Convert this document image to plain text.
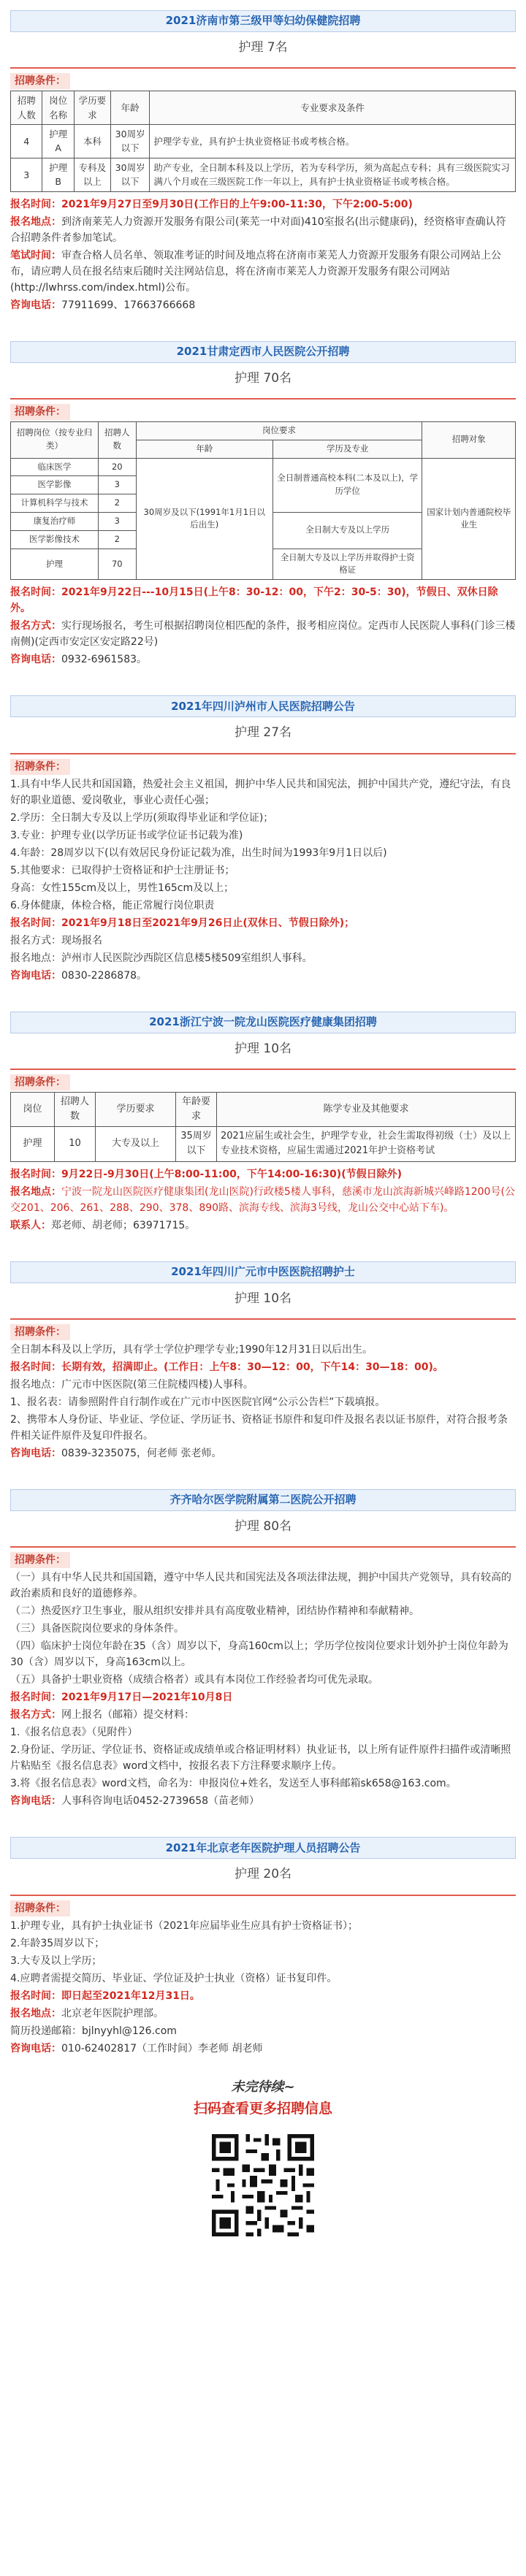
2021济南市第三级甲等妇幼保健院招聘
护理 7名
招聘条件：
招聘人数	岗位名称	学历要求	年龄	专业要求及条件
4	护理A	本科	30周岁以下	护理学专业，具有护士执业资格证书或考核合格。
3	护理B	专科及以上	30周岁以下	助产专业，全日制本科及以上学历，若为专科学历，须为高起点专科；具有三级医院实习满八个月或在三级医院工作一年以上，具有护士执业资格证书或考核合格。
报名时间：2021年9月27日至9月30日(工作日的上午9:00-11:30，下午2:00-5:00)
报名地点：到济南莱芜人力资源开发服务有限公司(莱芜一中对面)410室报名(出示健康码)，经资格审查确认符合招聘条件者参加笔试。
笔试时间：审查合格人员名单、领取准考证的时间及地点将在济南市莱芜人力资源开发服务有限公司网站上公布，请应聘人员在报名结束后随时关注网站信息，将在济南市莱芜人力资源开发服务有限公司网站(http://lwhrss.com/index.html)公布。
咨询电话：77911699、17663766668
2021甘肃定西市人民医院公开招聘
护理 70名
招聘条件：
招聘岗位（按专业归类）	招聘人数	岗位要求		招聘对象
		年龄	学历及专业	
临床医学	20	30周岁及以下(1991年1月1日以后出生)	全日制普通高校本科(二本及以上)，学历学位	国家计划内普通院校毕业生
医学影像	3			
计算机科学与技术	2			
康复治疗师	3		全日制大专及以上学历	
医学影像技术	2			
护理	70		全日制大专及以上学历并取得护士资格证	
报名时间：2021年9月22日---10月15日(上午8：30-12：00，下午2：30-5：30)，节假日、双休日除外。
报名方式：实行现场报名，考生可根据招聘岗位相匹配的条件，报考相应岗位。定西市人民医院人事科(门诊三楼南侧)(定西市安定区安定路22号)
咨询电话：0932-6961583。
2021年四川泸州市人民医院招聘公告
护理 27名
招聘条件：
1.具有中华人民共和国国籍，热爱社会主义祖国，拥护中华人民共和国宪法，拥护中国共产党，遵纪守法，有良好的职业道德、爱岗敬业，事业心责任心强；
2.学历：全日制大专及以上学历(须取得毕业证和学位证)；
3.专业：护理专业(以学历证书或学位证书记载为准)
4.年龄：28周岁以下(以有效居民身份证记载为准，出生时间为1993年9月1日以后)
5.其他要求：已取得护士资格证和护士注册证书；
身高：女性155cm及以上，男性165cm及以上；
6.身体健康，体检合格，能正常履行岗位职责
报名时间：2021年9月18日至2021年9月26日止(双休日、节假日除外)；
报名方式：现场报名
报名地点：泸州市人民医院沙西院区信息楼5楼509室组织人事科。
咨询电话：0830-2286878。
2021浙江宁波一院龙山医院医疗健康集团招聘
护理 10名
招聘条件：
岗位	招聘人数	学历要求	年龄要求	陈学专业及其他要求
护理	10	大专及以上	35周岁以下	2021应届生或社会生，护理学专业，社会生需取得初级（士）及以上专业技术资格，应届生需通过2021年护士资格考试
报名时间：9月22日-9月30日(上午8:00-11:00，下午14:00-16:30)(节假日除外)
报名地点：宁波一院龙山医院医疗健康集团(龙山医院)行政楼5楼人事科，慈溪市龙山滨海新城兴峰路1200号(公交201、206、261、288、290、378、890路、滨海专线、滨海3号线，龙山公交中心站下车)。
联系人：郑老师、胡老师；63971715。
2021年四川广元市中医医院招聘护士
护理 10名
招聘条件：
全日制本科及以上学历，具有学士学位护理学专业;1990年12月31日以后出生。
报名时间：长期有效，招满即止。(工作日：上午8：30—12：00，下午14：30—18：00)。
报名地点：广元市中医医院(第三住院楼四楼)人事科。
1、报名表：请参照附件自行制作或在广元市中医医院官网“公示公告栏”下载填报。
2、携带本人身份证、毕业证、学位证、学历证书、资格证书原件和复印件及报名表以证书原件，对符合报考条件相关证件原件及复印件报名。
咨询电话：0839-3235075，何老师 张老师。
齐齐哈尔医学院附属第二医院公开招聘
护理 80名
招聘条件：
（一）具有中华人民共和国国籍，遵守中华人民共和国宪法及各项法律法规，拥护中国共产党领导，具有较高的政治素质和良好的道德修养。
（二）热爱医疗卫生事业，服从组织安排并具有高度敬业精神，团结协作精神和奉献精神。
（三）具备医院岗位要求的身体条件。
（四）临床护士岗位年龄在35（含）周岁以下，身高160cm以上；学历学位按岗位要求计划外护士岗位年龄为30（含）周岁以下，身高163cm以上。
（五）具备护士职业资格（成绩合格者）或具有本岗位工作经验者均可优先录取。
报名时间：2021年9月17日—2021年10月8日
报名方式：网上报名（邮箱）提交材料：
1.《报名信息表》（见附件）
2.身份证、学历证、学位证书、资格证或成绩单或合格证明材料）执业证书，以上所有证件原件扫描件或清晰照片粘贴至《报名信息表》word文档中，按报名表下方注释要求顺序上传。
3.将《报名信息表》word文档，命名为：申报岗位+姓名，发送至人事科邮箱sk658@163.com。
咨询电话：人事科咨询电话0452-2739658（苗老师）
2021年北京老年医院护理人员招聘公告
护理 20名
招聘条件：
1.护理专业，具有护士执业证书（2021年应届毕业生应具有护士资格证书）；
2.年龄35周岁以下；
3.大专及以上学历；
4.应聘者需提交简历、毕业证、学位证及护士执业（资格）证书复印件。
报名时间：即日起至2021年12月31日。
报名地点：北京老年医院护理部。
简历投递邮箱：bjlnyyhl@126.com
咨询电话：010-62402817（工作时间）李老师 胡老师
未完待续~
扫码查看更多招聘信息
